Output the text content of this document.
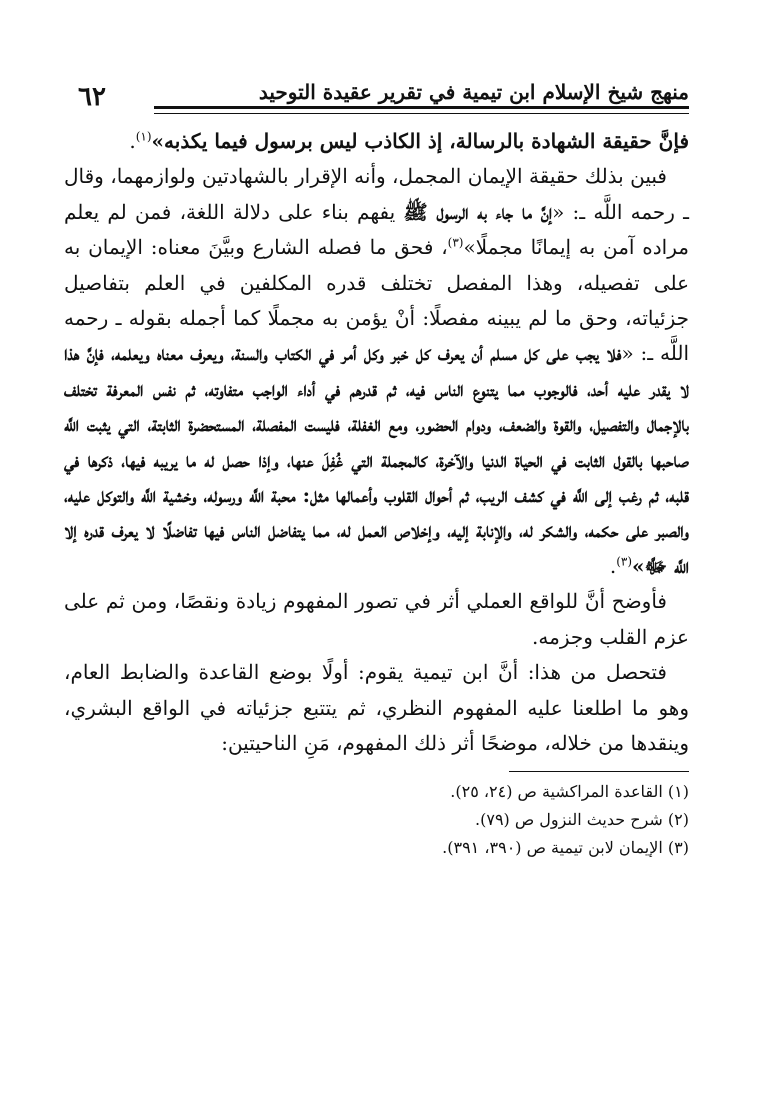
منهج شيخ الإسلام ابن تيمية في تقرير عقيدة التوحيد
٦٢

فإنَّ حقيقة الشهادة بالرسالة، إذ الكاذب ليس برسول فيما يكذبه»$^{(١)}$.

فبين بذلك حقيقة الإيمان المجمل، وأنه الإقرار بالشهادتين ولوازمهما، وقال ـ رحمه اللَّه ـ: «إنَّ ما جاء به الرسول ﷺ يفهم بناء على دلالة اللغة، فمن لم يعلم مراده آمن به إيمانًا مجملًا»$^{(٣)}$، فحق ما فصله الشارع وبيَّنَ معناه: الإيمان به على تفصيله، وهذا المفصل تختلف قدره المكلفين في العلم بتفاصيل جزئياته، وحق ما لم يبينه مفصلًا: أنْ يؤمن به مجملًا كما أجمله بقوله ـ رحمه اللَّه ـ: «فلا يجب على كل مسلم أن يعرف كل خبر وكل أمر في الكتاب والسنة، ويعرف معناه ويعلمه، فإنَّ هذا لا يقدر عليه أحد، فالوجوب مما يتنوع الناس فيه، ثم قدرهم في أداء الواجب متفاوته، ثم نفس المعرفة تختلف بالإجمال والتفصيل، والقوة والضعف، ودوام الحضور، ومع الغفلة، فليست المفصلة، المستحضرة الثابتة، التي يثبت اللَّه صاحبها بالقول الثابت في الحياة الدنيا والآخرة، كالمجملة التي غُفِلَ عنها، وإذا حصل له ما يريبه فيها، ذكرها في قلبه، ثم رغب إلى اللَّه في كشف الريب، ثم أحوال القلوب وأعمالها مثل: محبة اللَّه ورسوله، وخشية اللَّه والتوكل عليه، والصبر على حكمه، والشكر له، والإنابة إليه، وإخلاص العمل له، مما يتفاضل الناس فيها تفاضلًا لا يعرف قدره إلا اللَّه ﷻ»$^{(٣)}$.

فأوضح أنَّ للواقع العملي أثر في تصور المفهوم زيادة ونقصًا، ومن ثم على عزم القلب وجزمه.

فتحصل من هذا: أنَّ ابن تيمية يقوم: أولًا بوضع القاعدة والضابط العام، وهو ما اطلعنا عليه المفهوم النظري، ثم يتتبع جزئياته في الواقع البشري، وينقدها من خلاله، موضحًا أثر ذلك المفهوم، مَنِ الناحيتين:

(١) القاعدة المراكشية ص (٢٤، ٢٥).
(٢) شرح حديث النزول ص (٧٩).
(٣) الإيمان لابن تيمية ص (٣٩٠، ٣٩١).
